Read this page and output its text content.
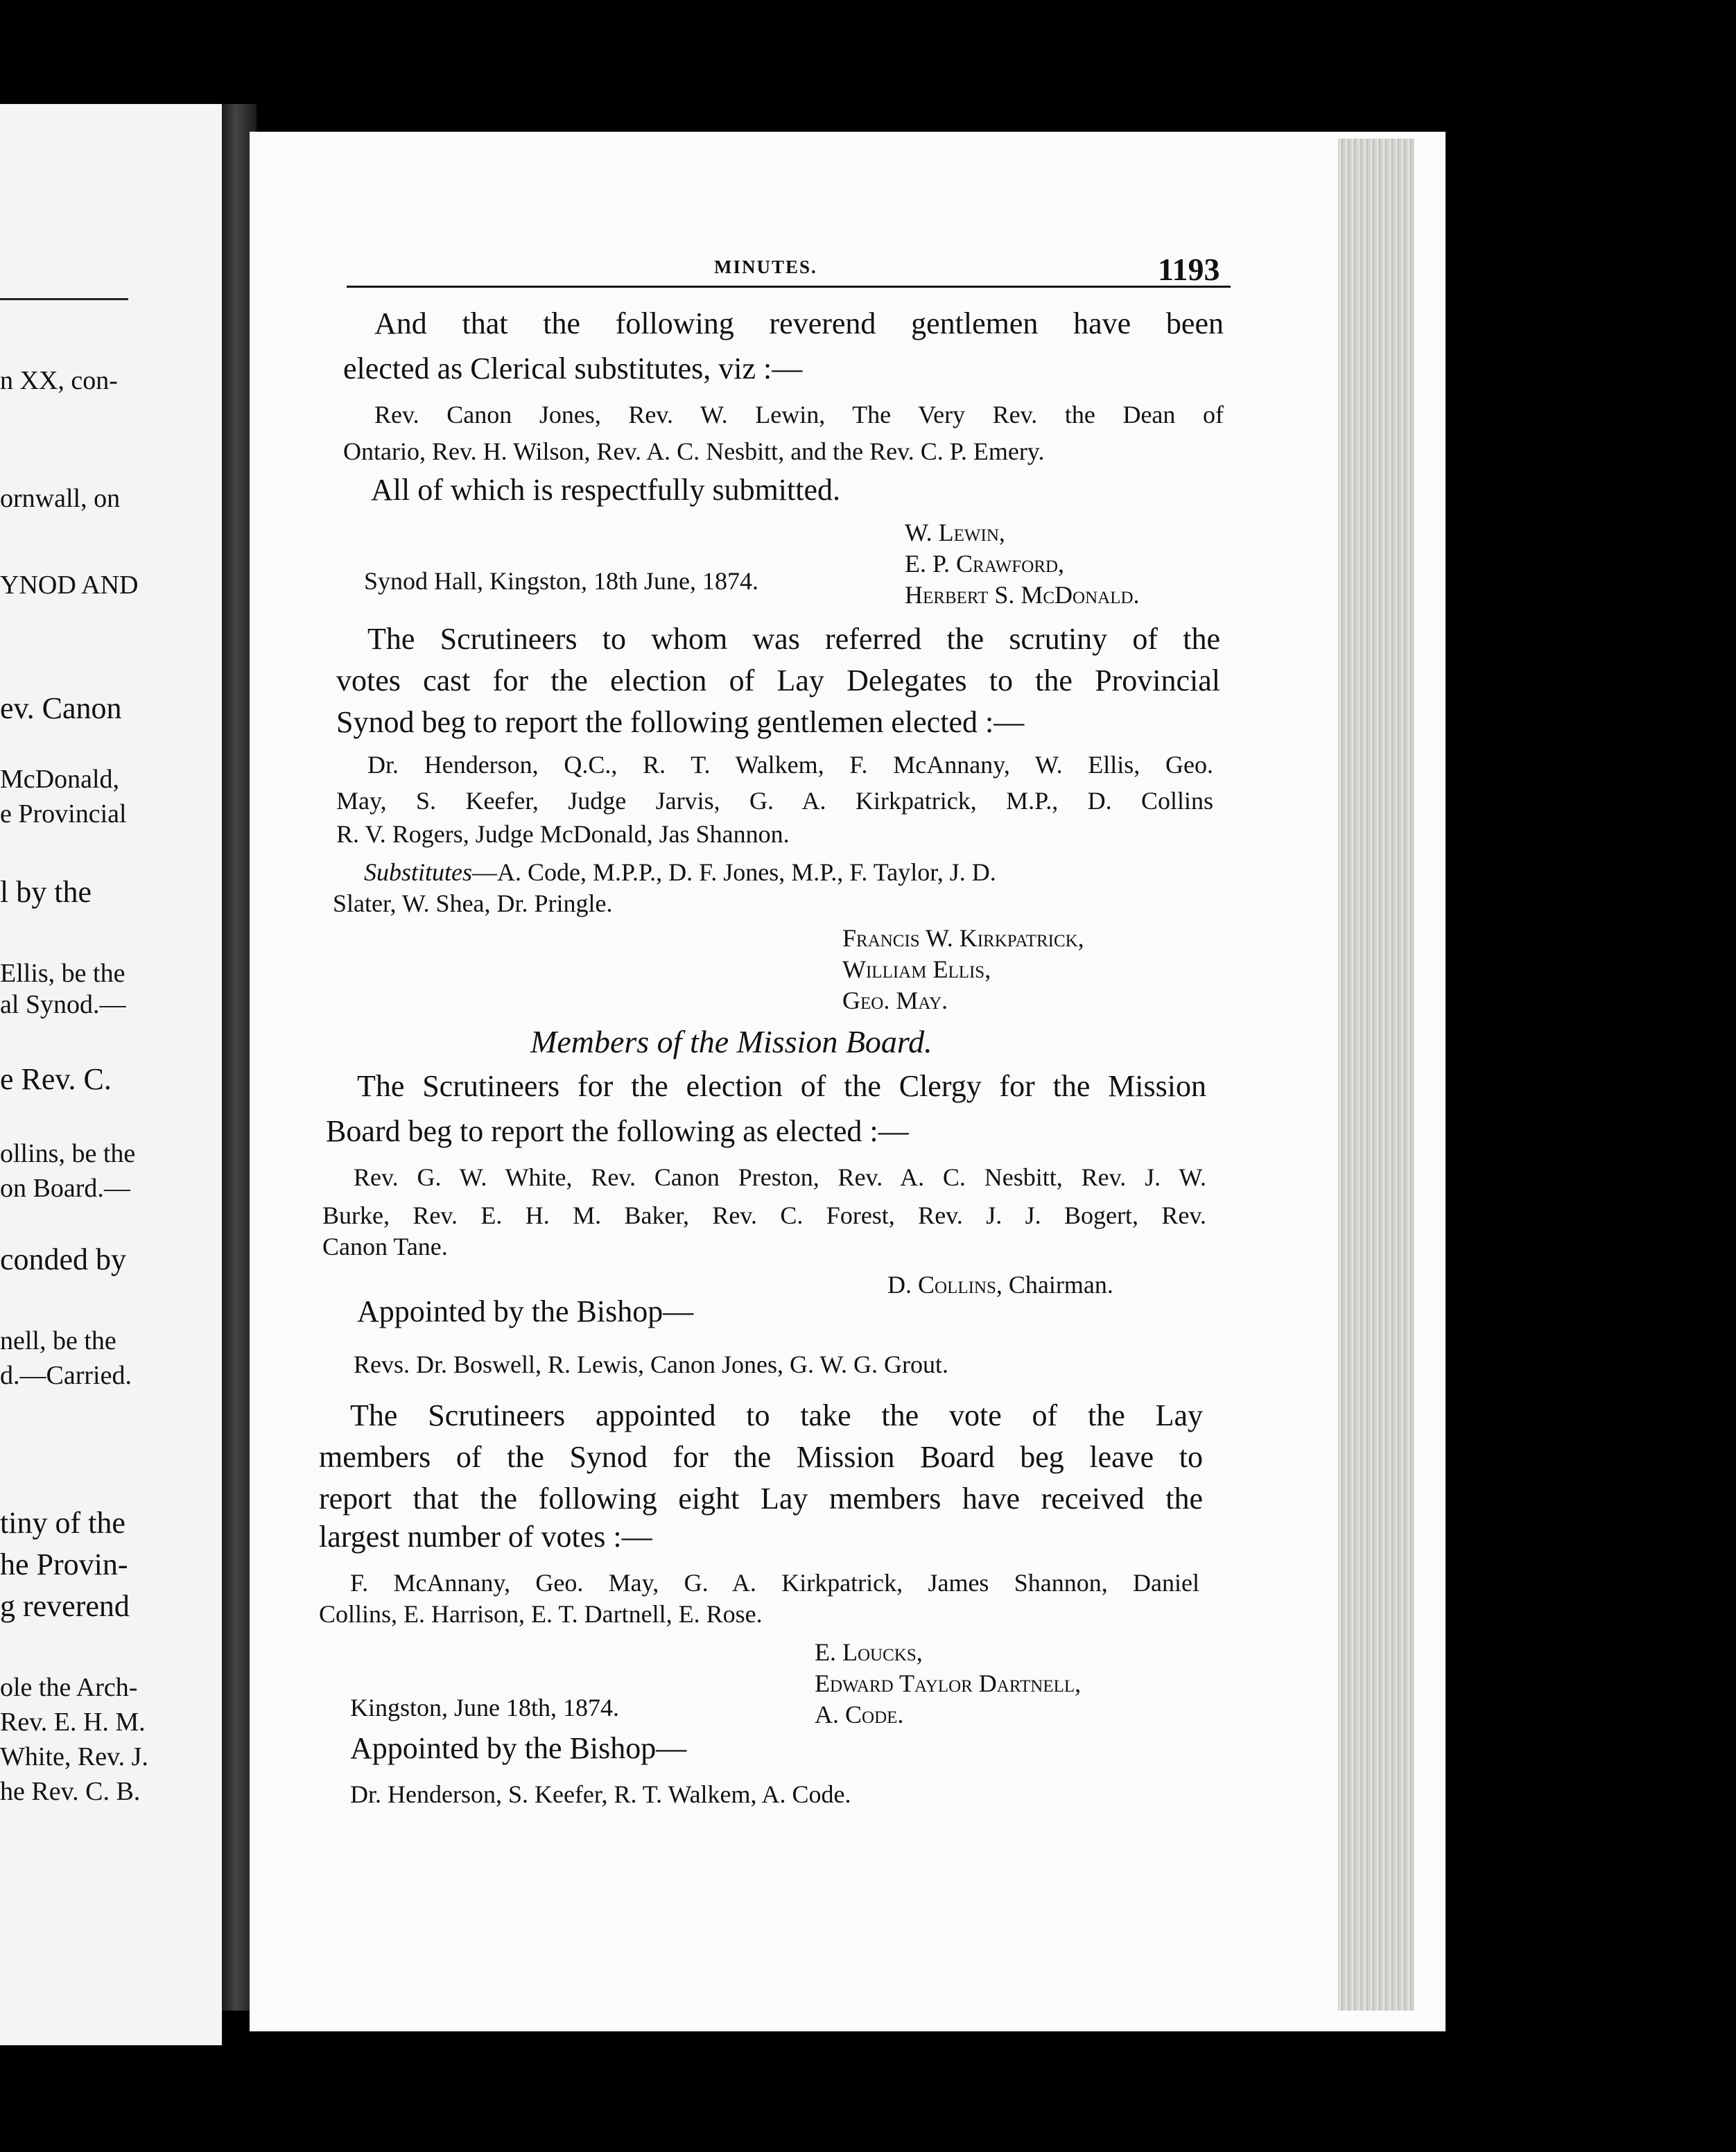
n XX, con-
ornwall, on
YNOD AND
ev. Canon
McDonald,
e Provincial
l by the
Ellis, be the
al Synod.—
e Rev. C.
ollins, be the
on Board.—
conded by
nell, be the
d.—Carried.
tiny of the
he Provin-
g reverend
ole the Arch-
Rev. E. H. M.
White, Rev. J.
he Rev. C. B.
MINUTES.	1193
And that the following reverend gentlemen have been
elected as Clerical substitutes, viz :—
Rev. Canon Jones, Rev. W. Lewin, The Very Rev. the Dean of
Ontario, Rev. H. Wilson, Rev. A. C. Nesbitt, and the Rev. C. P. Emery.
All of which is respectfully submitted.
W. Lewin,
E. P. Crawford,
Herbert S. McDonald.
Synod Hall, Kingston, 18th June, 1874.
The Scrutineers to whom was referred the scrutiny of the
votes cast for the election of Lay Delegates to the Provincial
Synod beg to report the following gentlemen elected :—
Dr. Henderson, Q.C., R. T. Walkem, F. McAnnany, W. Ellis, Geo.
May, S. Keefer, Judge Jarvis, G. A. Kirkpatrick, M.P., D. Collins
R. V. Rogers, Judge McDonald, Jas Shannon.
Substitutes—A. Code, M.P.P., D. F. Jones, M.P., F. Taylor, J. D.
Slater, W. Shea, Dr. Pringle.
Francis W. Kirkpatrick,
William Ellis,
Geo. May.
Members of the Mission Board.
The Scrutineers for the election of the Clergy for the Mission
Board beg to report the following as elected :—
Rev. G. W. White, Rev. Canon Preston, Rev. A. C. Nesbitt, Rev. J. W.
Burke, Rev. E. H. M. Baker, Rev. C. Forest, Rev. J. J. Bogert, Rev.
Canon Tane.
D. Collins, Chairman.
Appointed by the Bishop—
Revs. Dr. Boswell, R. Lewis, Canon Jones, G. W. G. Grout.
The Scrutineers appointed to take the vote of the Lay
members of the Synod for the Mission Board beg leave to
report that the following eight Lay members have received the
largest number of votes :—
F. McAnnany, Geo. May, G. A. Kirkpatrick, James Shannon, Daniel
Collins, E. Harrison, E. T. Dartnell, E. Rose.
E. Loucks,
Edward Taylor Dartnell,
A. Code.
Kingston, June 18th, 1874.
Appointed by the Bishop—
Dr. Henderson, S. Keefer, R. T. Walkem, A. Code.
